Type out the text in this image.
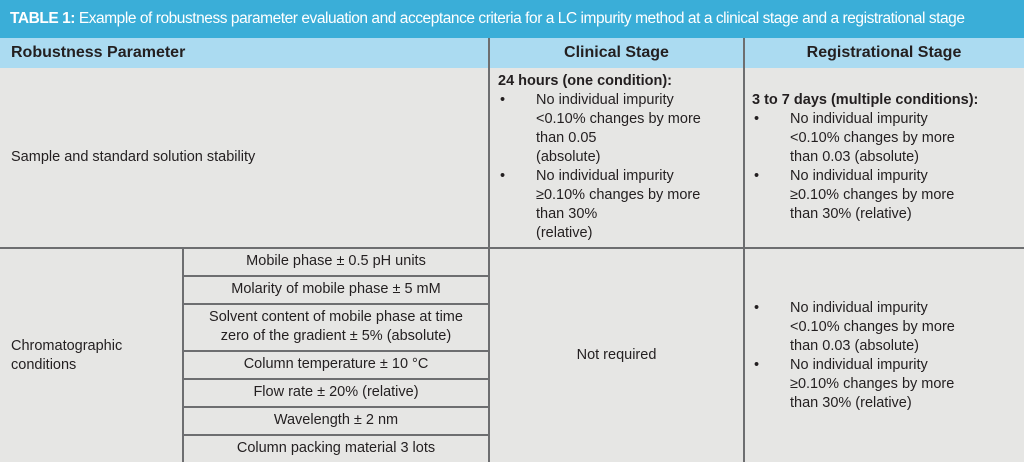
TABLE 1: Example of robustness parameter evaluation and acceptance criteria for a LC impurity method at a clinical stage and a registrational stage
Robustness Parameter	Clinical Stage	Registrational Stage
Sample and standard solution stability
24 hours (one condition):
• No individual impurity
<0.10% changes by more
than 0.05
(absolute)
• No individual impurity
≥0.10% changes by more
than 30%
(relative)
3 to 7 days (multiple conditions):
• No individual impurity
<0.10% changes by more
than 0.03 (absolute)
• No individual impurity
≥0.10% changes by more
than 30% (relative)
Chromatographic
conditions
Mobile phase ± 0.5 pH units
Molarity of mobile phase ± 5 mM
Solvent content of mobile phase at time
zero of the gradient ± 5% (absolute)
Column temperature ± 10 °C
Flow rate ± 20% (relative)
Wavelength ± 2 nm
Column packing material 3 lots
Not required
• No individual impurity
<0.10% changes by more
than 0.03 (absolute)
• No individual impurity
≥0.10% changes by more
than 30% (relative)
